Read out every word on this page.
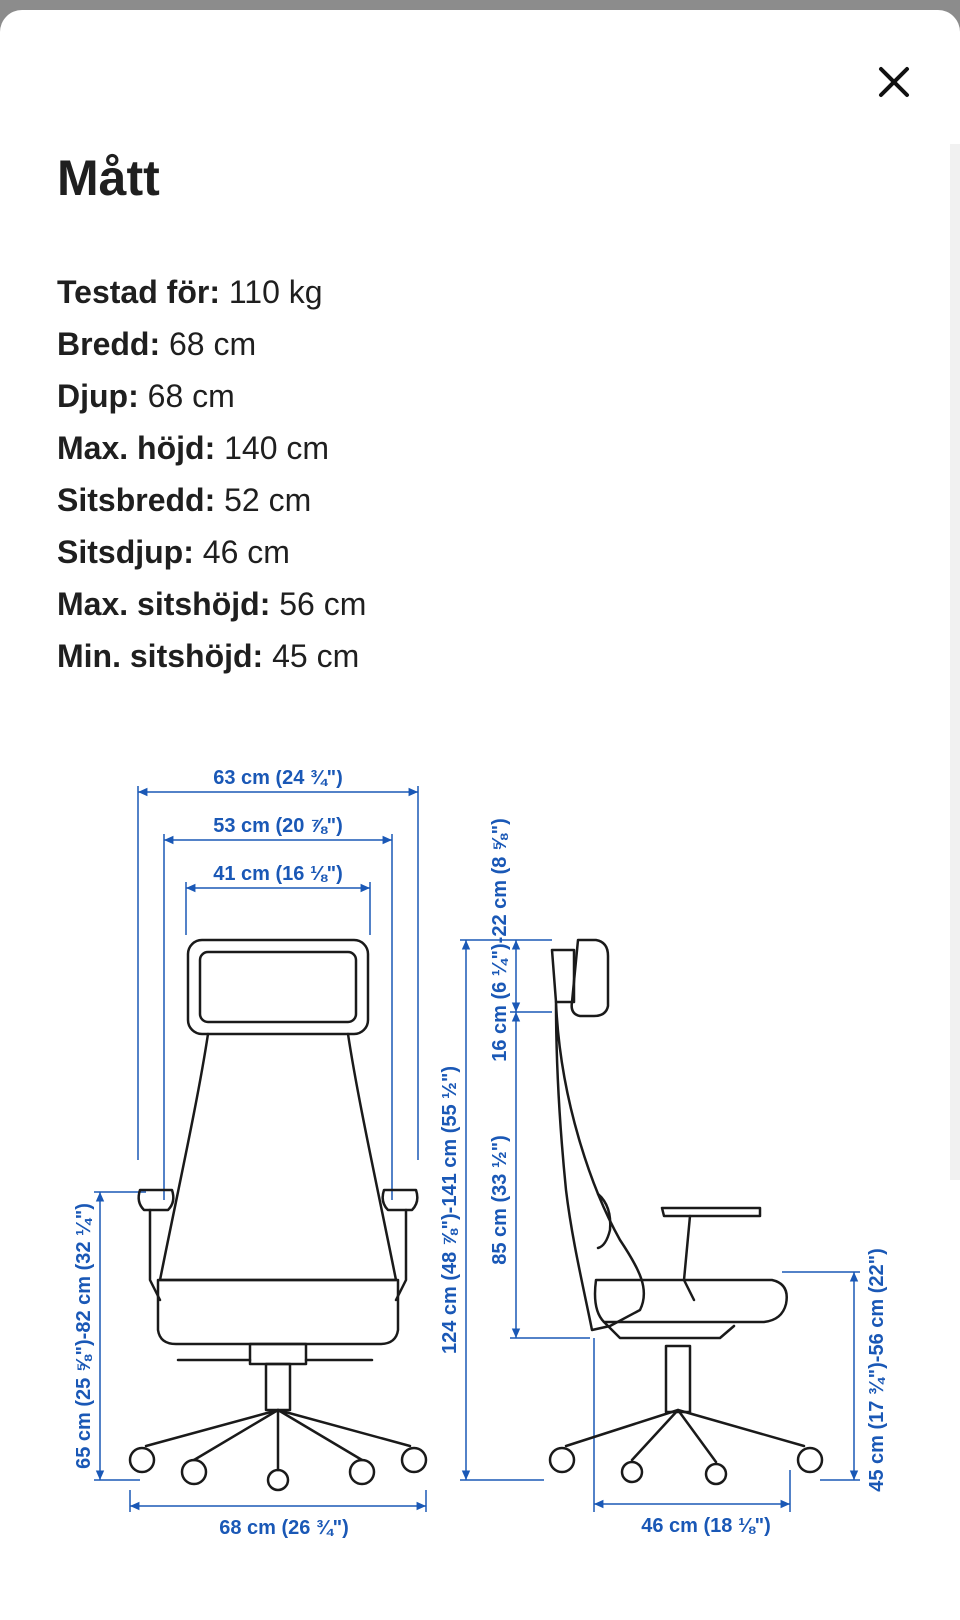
Mått
Testad för: 110 kg
Bredd: 68 cm
Djup: 68 cm
Max. höjd: 140 cm
Sitsbredd: 52 cm
Sitsdjup: 46 cm
Max. sitshöjd: 56 cm
Min. sitshöjd: 45 cm
63 cm (24 ¾")
53 cm (20 ⅞")
41 cm (16 ⅛")
65 cm (25 ⅝")-82 cm (32 ¼")
68 cm (26 ¾")
124 cm (48 ⅞")-141 cm (55 ½")
16 cm (6 ¼")-22 cm (8 ⅝")
85 cm (33 ½")
45 cm (17 ¾")-56 cm (22")
46 cm (18 ⅛")
